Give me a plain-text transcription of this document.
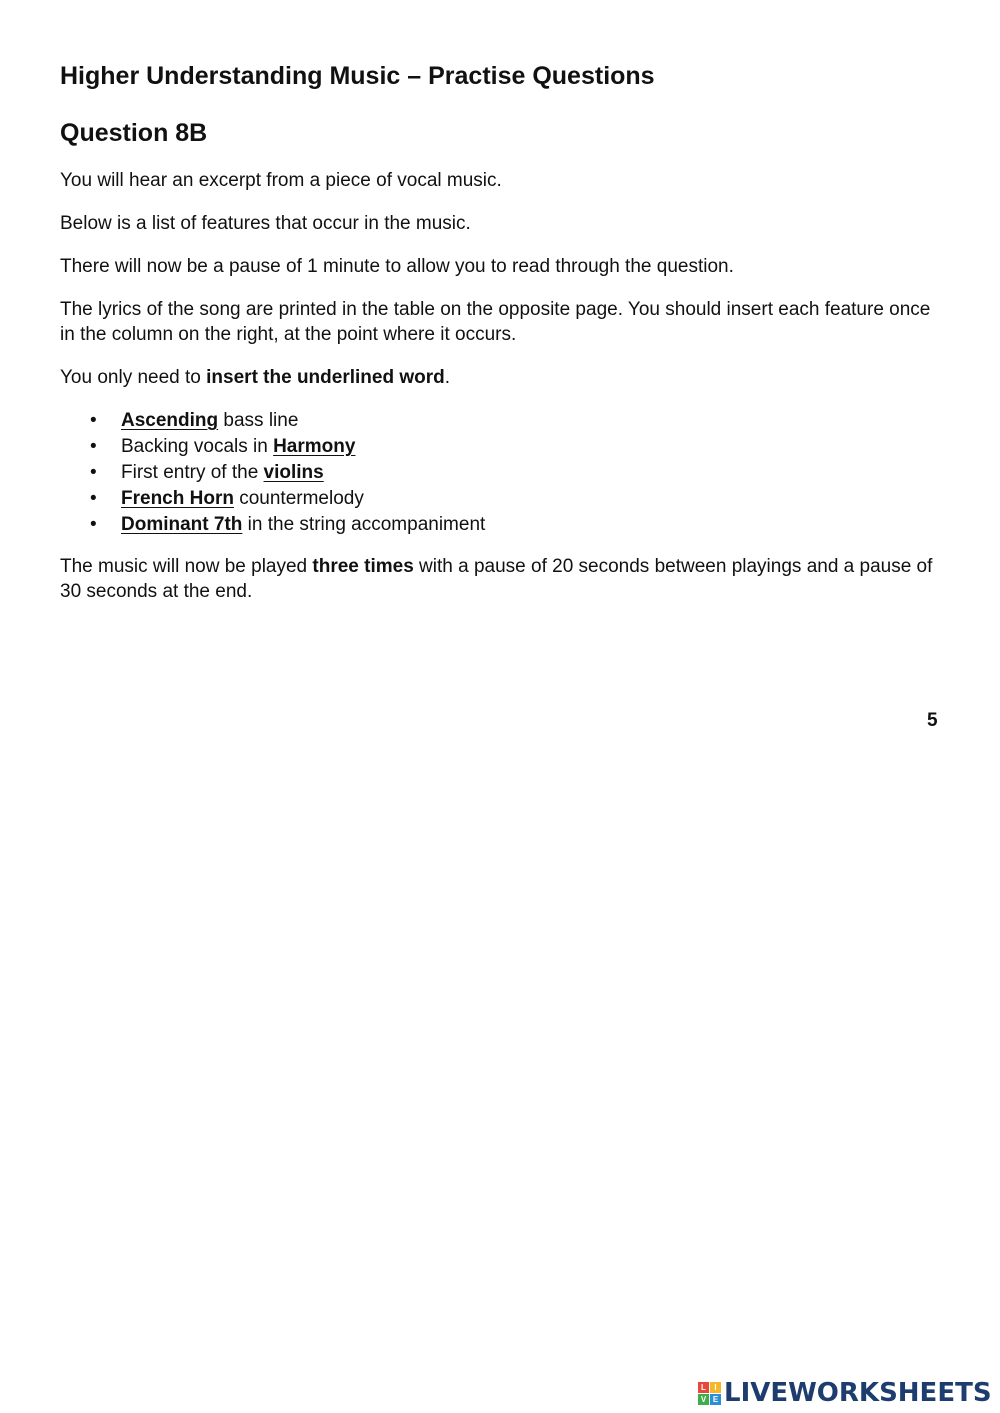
Higher Understanding Music – Practise Questions
Question 8B

You will hear an excerpt from a piece of vocal music.

Below is a list of features that occur in the music.

There will now be a pause of 1 minute to allow you to read through the question.

The lyrics of the song are printed in the table on the opposite page. You should insert each feature once in the column on the right, at the point where it occurs.

You only need to insert the underlined word.

• Ascending bass line
• Backing vocals in Harmony
• First entry of the violins
• French Horn countermelody
• Dominant 7th in the string accompaniment

The music will now be played three times with a pause of 20 seconds between playings and a pause of 30 seconds at the end.

5
L	I
V E LIVEWORKSHEETS
